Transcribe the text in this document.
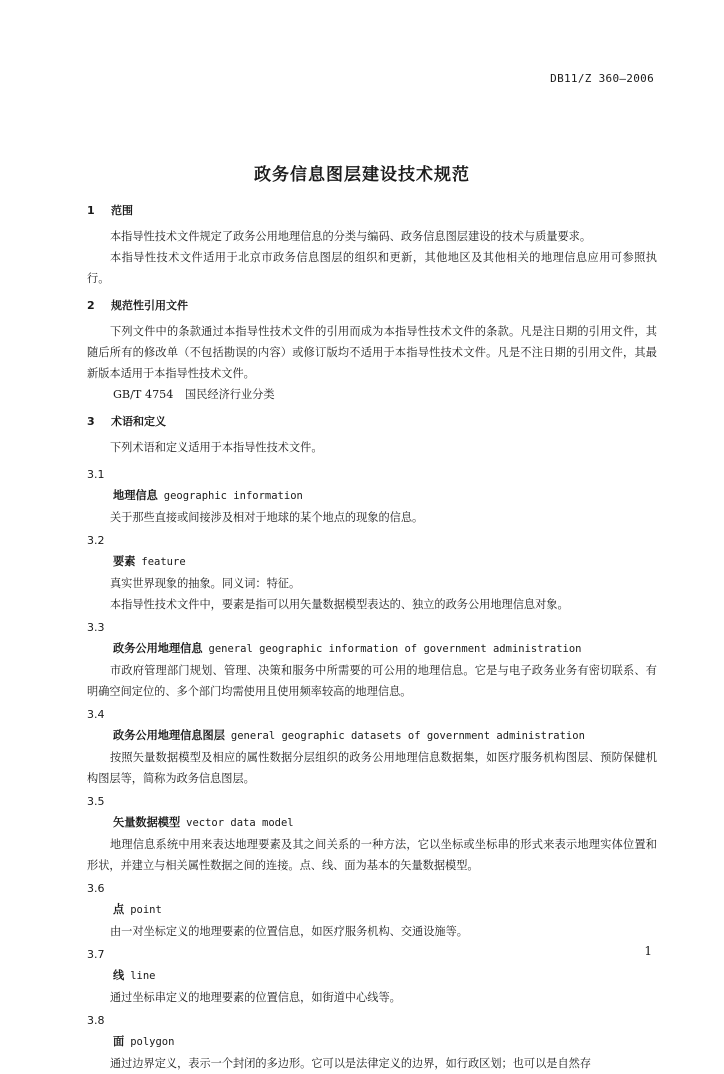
DB11/Z 360—2006
政务信息图层建设技术规范
1 范围
本指导性技术文件规定了政务公用地理信息的分类与编码、政务信息图层建设的技术与质量要求。
本指导性技术文件适用于北京市政务信息图层的组织和更新，其他地区及其他相关的地理信息应用可参照执行。
2 规范性引用文件
下列文件中的条款通过本指导性技术文件的引用而成为本指导性技术文件的条款。凡是注日期的引用文件，其随后所有的修改单（不包括勘误的内容）或修订版均不适用于本指导性技术文件。凡是不注日期的引用文件，其最新版本适用于本指导性技术文件。
GB/T 4754 国民经济行业分类
3 术语和定义
下列术语和定义适用于本指导性技术文件。
3.1
地理信息 geographic information
关于那些直接或间接涉及相对于地球的某个地点的现象的信息。
3.2
要素 feature
真实世界现象的抽象。同义词：特征。
本指导性技术文件中，要素是指可以用矢量数据模型表达的、独立的政务公用地理信息对象。
3.3
政务公用地理信息 general geographic information of government administration
市政府管理部门规划、管理、决策和服务中所需要的可公用的地理信息。它是与电子政务业务有密切联系、有明确空间定位的、多个部门均需使用且使用频率较高的地理信息。
3.4
政务公用地理信息图层 general geographic datasets of government administration
按照矢量数据模型及相应的属性数据分层组织的政务公用地理信息数据集，如医疗服务机构图层、预防保健机构图层等，简称为政务信息图层。
3.5
矢量数据模型 vector data model
地理信息系统中用来表达地理要素及其之间关系的一种方法，它以坐标或坐标串的形式来表示地理实体位置和形状，并建立与相关属性数据之间的连接。点、线、面为基本的矢量数据模型。
3.6
点 point
由一对坐标定义的地理要素的位置信息，如医疗服务机构、交通设施等。
3.7
线 line
通过坐标串定义的地理要素的位置信息，如街道中心线等。
3.8
面 polygon
通过边界定义，表示一个封闭的多边形。它可以是法律定义的边界，如行政区划；也可以是自然存
1
